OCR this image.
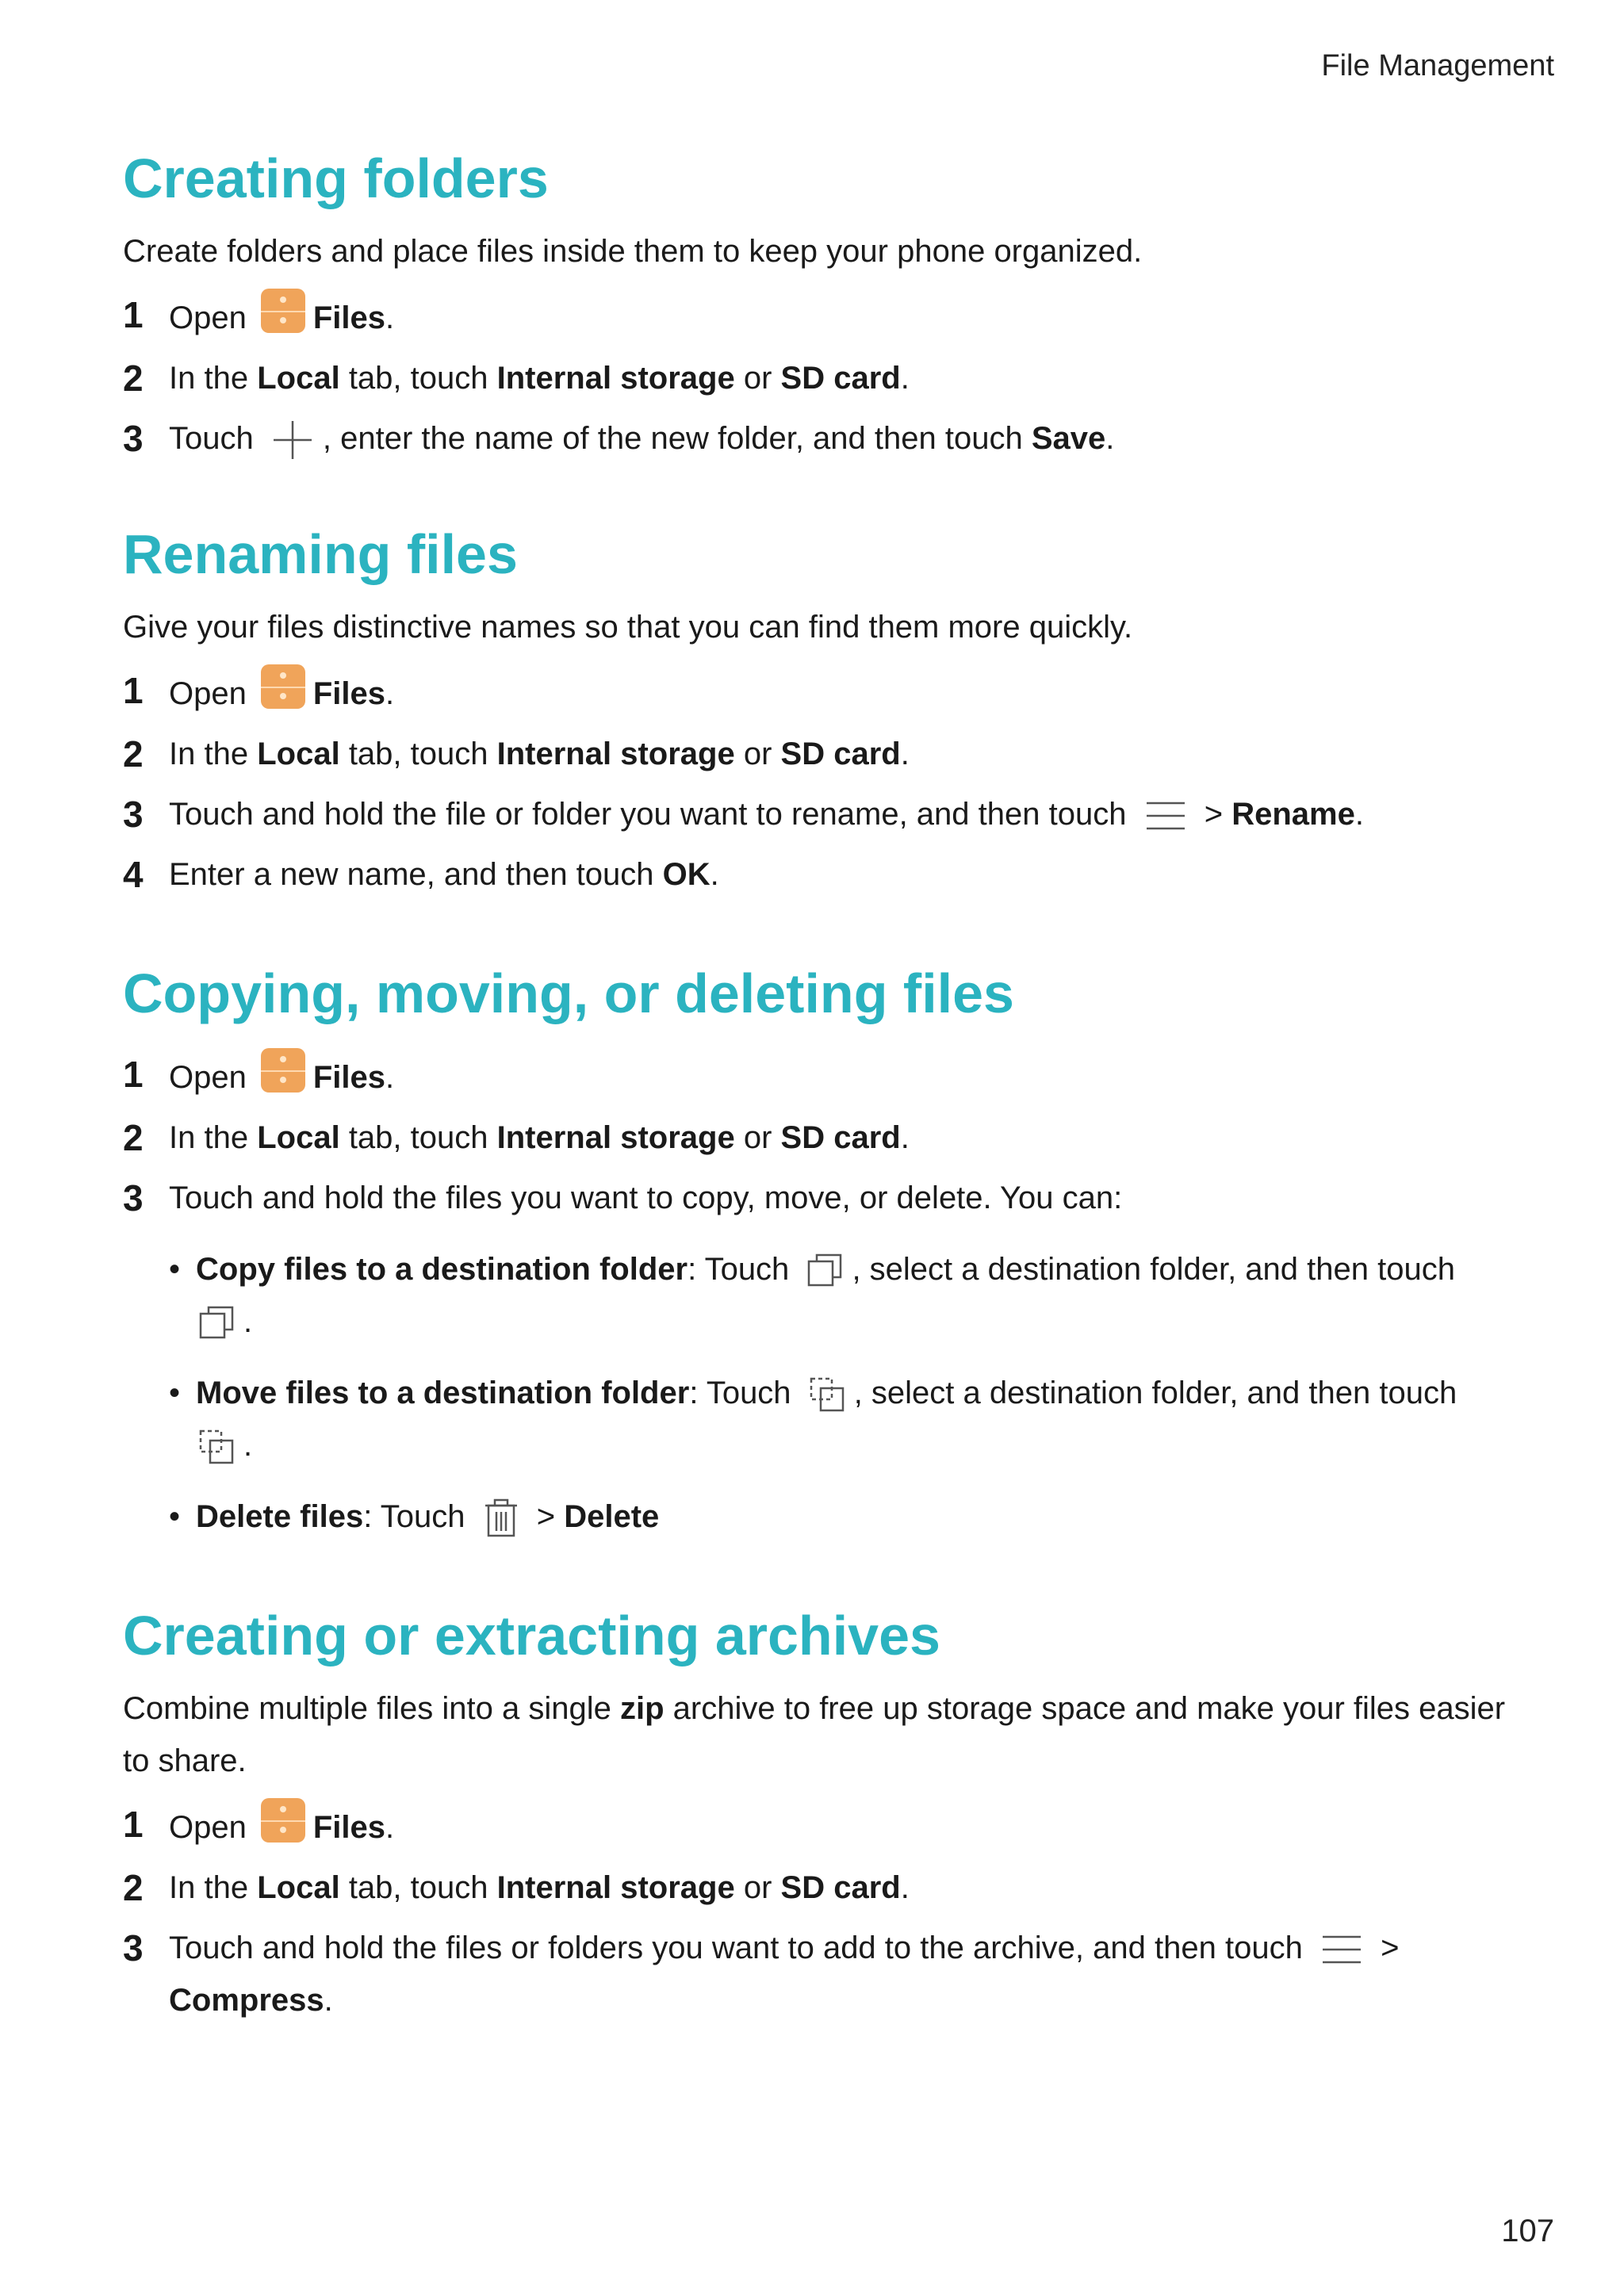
File Management
Creating folders

Create folders and place files inside them to keep your phone organized.

1 Open Files.
2 In the Local tab, touch Internal storage or SD card.
3 Touch , enter the name of the new folder, and then touch Save.
Renaming files

Give your files distinctive names so that you can find them more quickly.

1 Open Files.
2 In the Local tab, touch Internal storage or SD card.
3 Touch and hold the file or folder you want to rename, and then touch > Rename.
4 Enter a new name, and then touch OK.
Copying, moving, or deleting files
1 Open Files.
2 In the Local tab, touch Internal storage or SD card.
3 Touch and hold the files you want to copy, move, or delete. You can:
• Copy files to a destination folder: Touch , select a destination folder, and then touch
.
• Move files to a destination folder: Touch , select a destination folder, and then touch
.
• Delete files: Touch > Delete
Creating or extracting archives

Combine multiple files into a single zip archive to free up storage space and make your files easier to share.

1 Open Files.
2 In the Local tab, touch Internal storage or SD card.
3 Touch and hold the files or folders you want to add to the archive, and then touch >
Compress.
107
